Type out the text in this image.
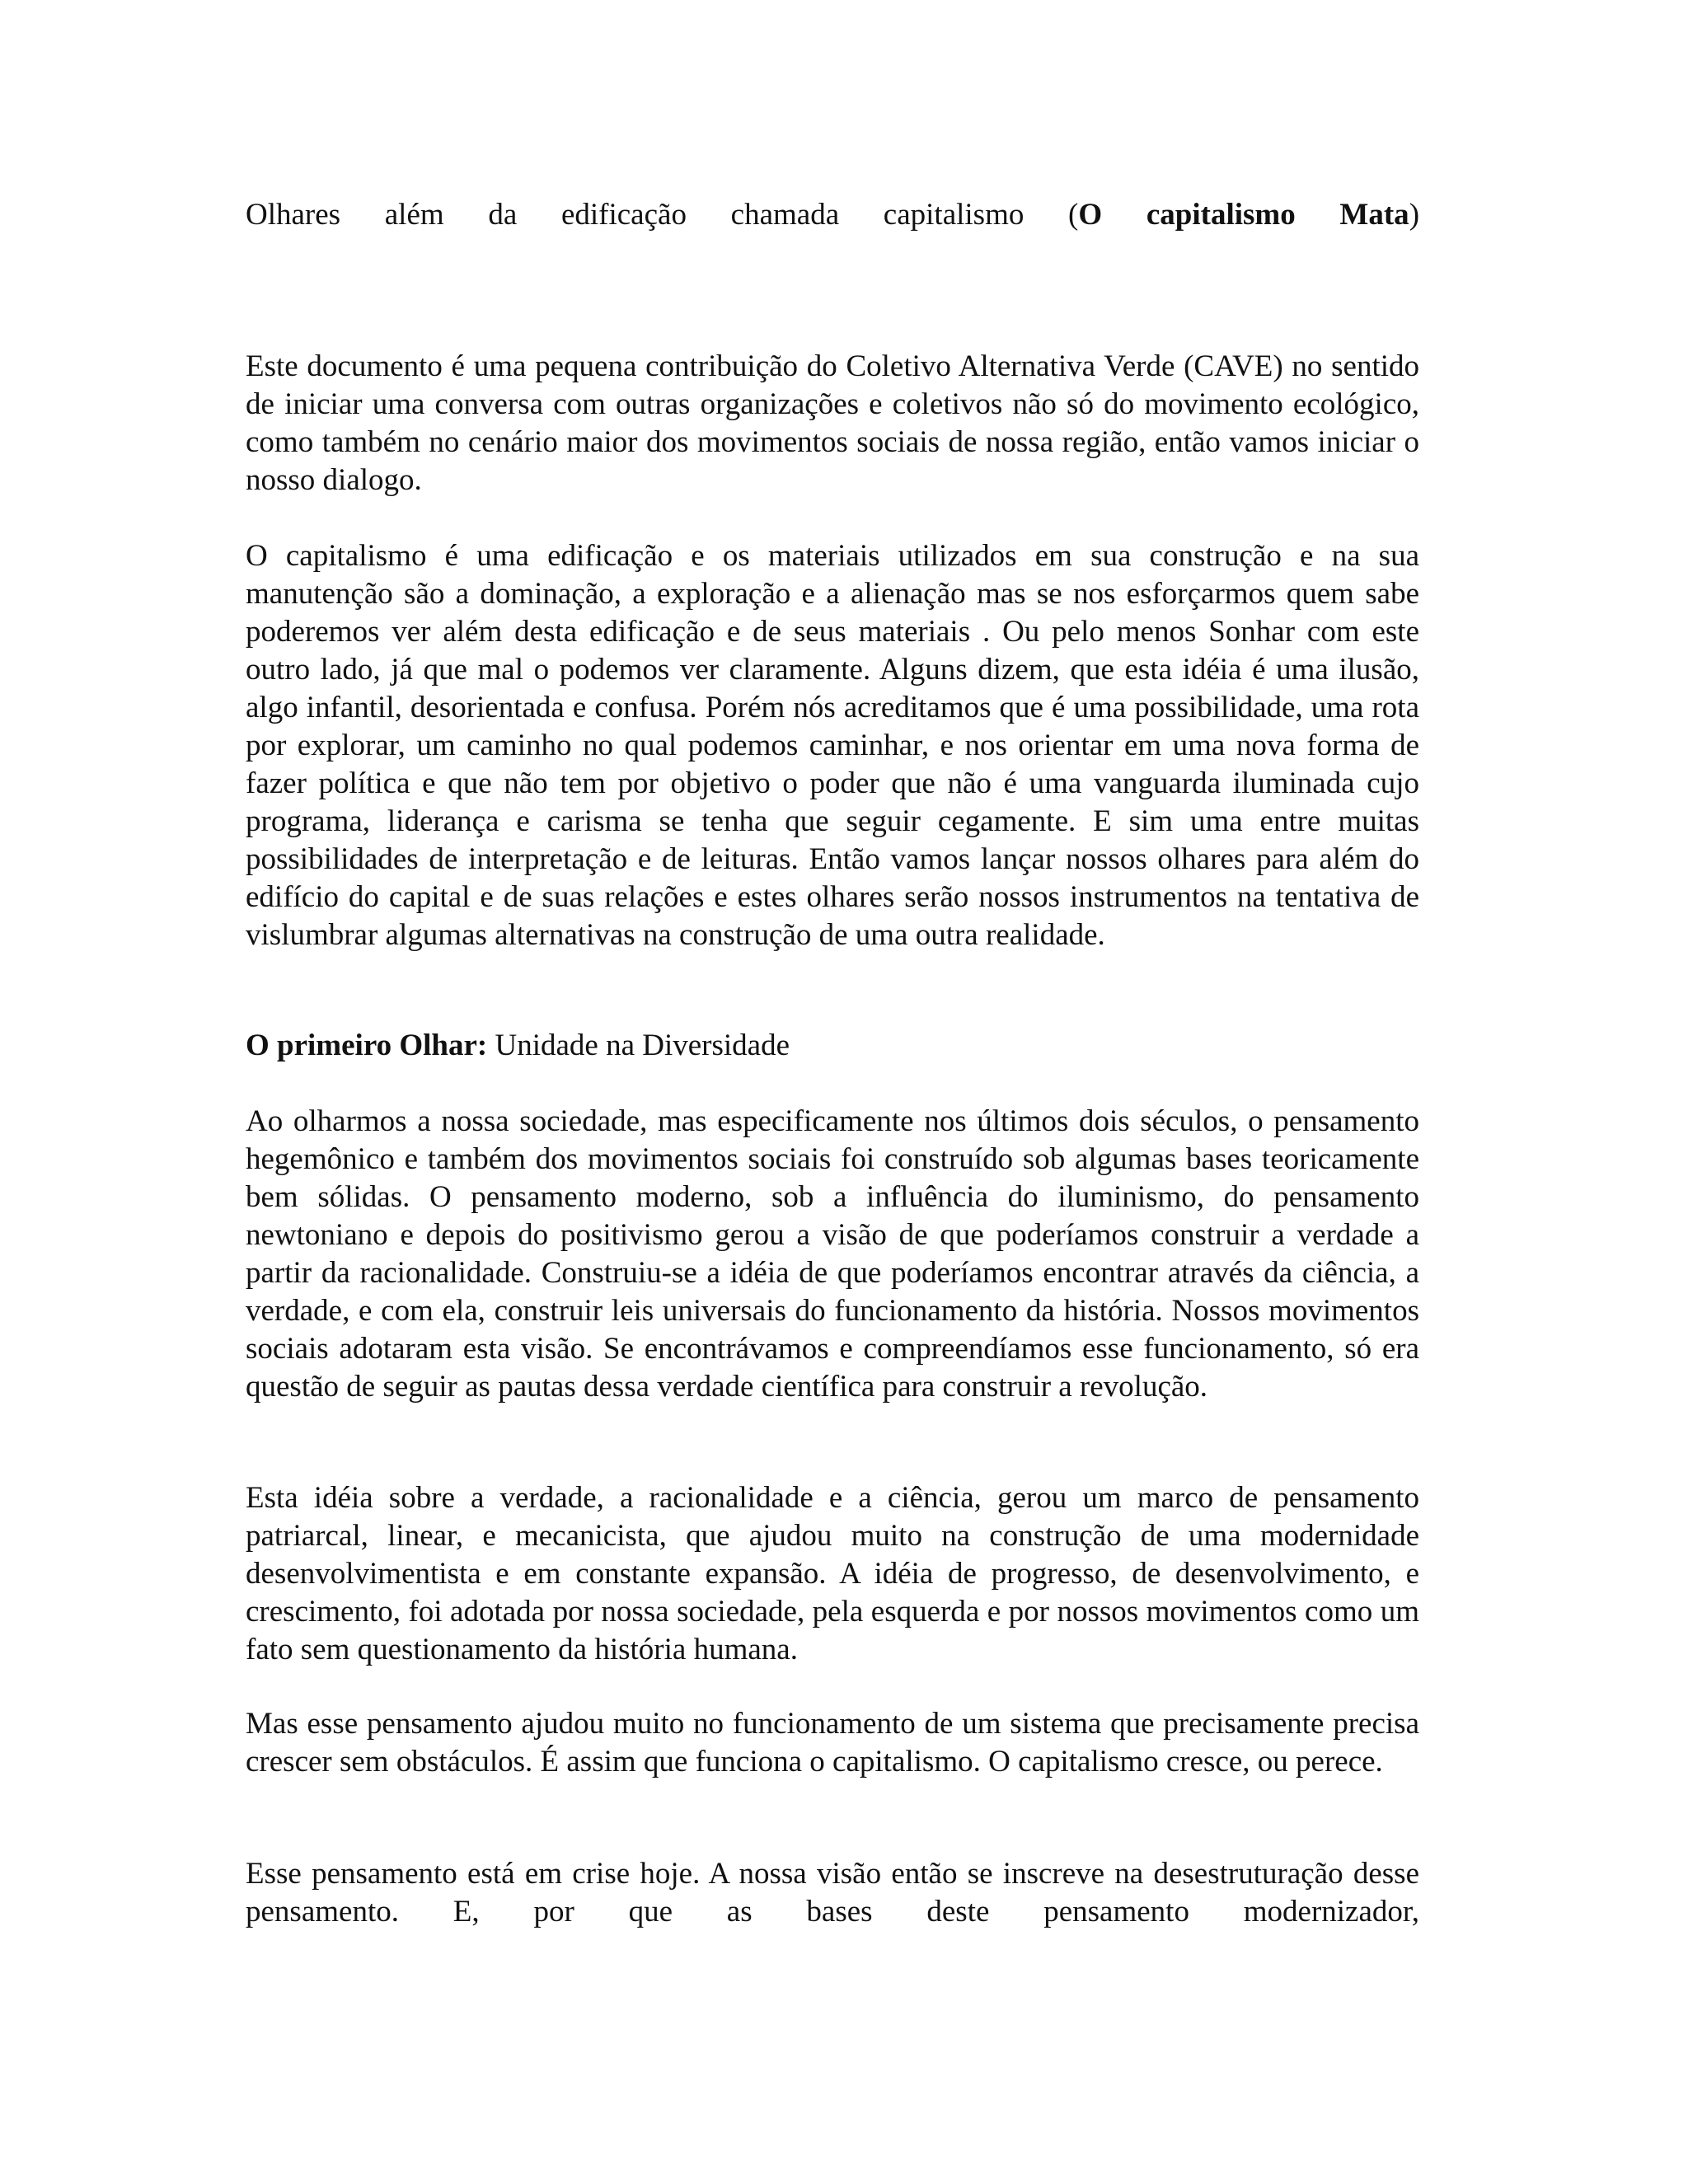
Olhares além da edificação chamada capitalismo (O capitalismo Mata)

Este documento é uma pequena contribuição do Coletivo Alternativa Verde (CAVE) no sentido de iniciar uma conversa com outras organizações e coletivos não só do movimento ecológico, como também no cenário maior dos movimentos sociais de nossa região, então vamos iniciar o nosso dialogo.

O capitalismo é uma edificação e os materiais utilizados em sua construção e na sua manutenção são a dominação, a exploração e a alienação mas se nos esforçarmos quem sabe poderemos ver além desta edificação e de seus materiais . Ou pelo menos Sonhar com este outro lado, já que mal o podemos ver claramente. Alguns dizem, que esta idéia é uma ilusão, algo infantil, desorientada e confusa. Porém nós acreditamos que é uma possibilidade, uma rota por explorar, um caminho no qual podemos caminhar, e nos orientar em uma nova forma de fazer política e que não tem por objetivo o poder que não é uma vanguarda iluminada cujo programa, liderança e carisma se tenha que seguir cegamente. E sim uma entre muitas possibilidades de interpretação e de leituras. Então vamos lançar nossos olhares para além do edifício do capital e de suas relações e estes olhares serão nossos instrumentos na tentativa de vislumbrar algumas alternativas na construção de uma outra realidade.

O primeiro Olhar: Unidade na Diversidade

Ao olharmos a nossa sociedade, mas especificamente nos últimos dois séculos, o pensamento hegemônico e também dos movimentos sociais foi construído sob algumas bases teoricamente bem sólidas. O pensamento moderno, sob a influência do iluminismo, do pensamento newtoniano e depois do positivismo gerou a visão de que poderíamos construir a verdade a partir da racionalidade. Construiu-se a idéia de que poderíamos encontrar através da ciência, a verdade, e com ela, construir leis universais do funcionamento da história. Nossos movimentos sociais adotaram esta visão. Se encontrávamos e compreendíamos esse funcionamento, só era questão de seguir as pautas dessa verdade científica para construir a revolução.

Esta idéia sobre a verdade, a racionalidade e a ciência, gerou um marco de pensamento patriarcal, linear, e mecanicista, que ajudou muito na construção de uma modernidade desenvolvimentista e em constante expansão. A idéia de progresso, de desenvolvimento, e crescimento, foi adotada por nossa sociedade, pela esquerda e por nossos movimentos como um fato sem questionamento da história humana.

Mas esse pensamento ajudou muito no funcionamento de um sistema que precisamente precisa crescer sem obstáculos. É assim que funciona o capitalismo. O capitalismo cresce, ou perece.

Esse pensamento está em crise hoje. A nossa visão então se inscreve na desestruturação desse pensamento. E, por que as bases deste pensamento modernizador,
